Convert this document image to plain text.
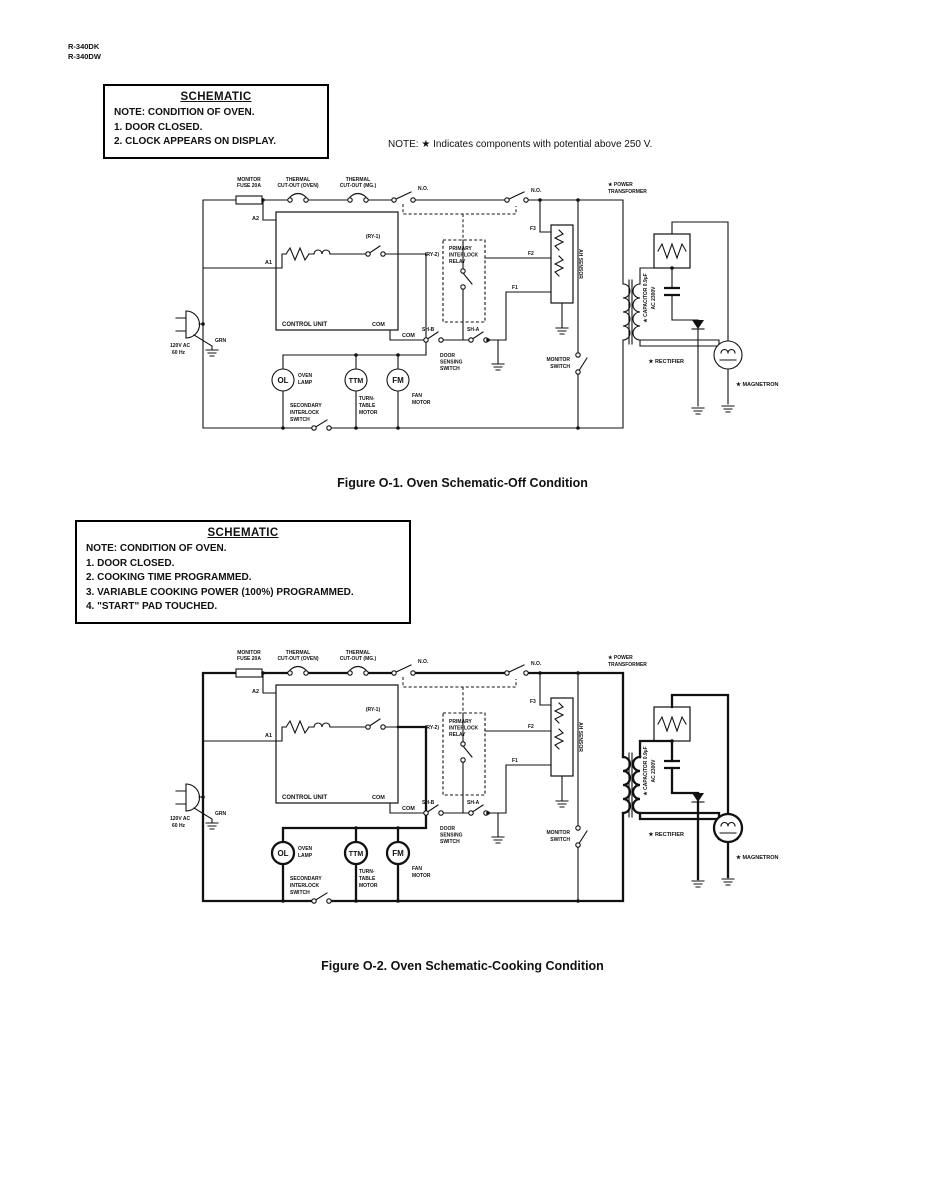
R-340DK
R-340DW
SCHEMATIC
NOTE: CONDITION OF OVEN.
1. DOOR CLOSED.
2. CLOCK APPEARS ON DISPLAY.	NOTE: ★ Indicates components with potential above 250 V.
MONITOR
FUSE 20A
THERMAL
CUT-OUT (OVEN)
THERMAL
CUT-OUT (MG.)	N.O.	N.O.
★ POWER
TRANSFORMER
A2
A1
(RY-1)
(RY-2)
PRIMARY
INTERLOCK
RELAY
CONTROL UNIT	COM
COM
SH-B	SH-A
DOOR
SENSING
SWITCH
AH SENSOR
F3
F2
F1
MONITOR
SWITCH
120V AC
60 Hz
GRN
OL OVEN
LAMP	TTM
TURN-
TABLE
MOTOR
FM
FAN
MOTOR
SECONDARY
INTERLOCK
SWITCH
★ CAPACITOR 0.9µF AC 2300V
★ RECTIFIER
★ MAGNETRON
Figure O-1. Oven Schematic-Off Condition
SCHEMATIC
NOTE: CONDITION OF OVEN.
1. DOOR CLOSED.
2. COOKING TIME PROGRAMMED.
3. VARIABLE COOKING POWER (100%) PROGRAMMED.
4. "START" PAD TOUCHED.
MONITOR
FUSE 20A
THERMAL
CUT-OUT (OVEN)
THERMAL
CUT-OUT (MG.)	N.O.	N.O.
★ POWER
TRANSFORMER
A2
A1
(RY-1)
(RY-2)
PRIMARY
INTERLOCK
RELAY
CONTROL UNIT	COM
COM
SH-B	SH-A
DOOR
SENSING
SWITCH
AH SENSOR
F3
F2
F1
MONITOR
SWITCH
120V AC
60 Hz
GRN
OL OVEN
LAMP	TTM
TURN-
TABLE
MOTOR
FM
FAN
MOTOR
SECONDARY
INTERLOCK
SWITCH
★ CAPACITOR 0.9µF AC 2300V
★ RECTIFIER
★ MAGNETRON
Figure O-2. Oven Schematic-Cooking Condition
